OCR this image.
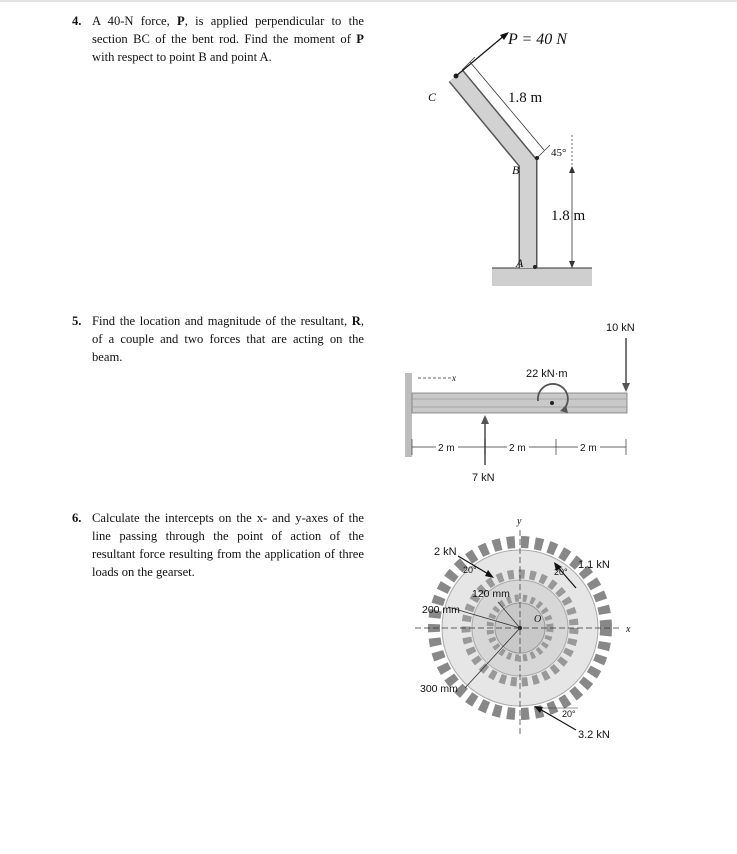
4. A 40-N force, P, is applied perpendicular to the section BC of the bent rod. Find the moment of P with respect to point B and point A.
5. Find the location and magnitude of the resultant, R, of a couple and two forces that are acting on the beam.
6. Calculate the intercepts on the x- and y-axes of the line passing through the point of action of the resultant force resulting from the application of three loads on the gearset.
P = 40 N
1.8 m
45°
1.8 m
C
B
A
x
10 kN
22 kN·m
7 kN
2 m	2 m	2 m
y
x
O
120 mm
200 mm
300 mm
2 kN
20°	20°
1.1 kN
20°
3.2 kN
